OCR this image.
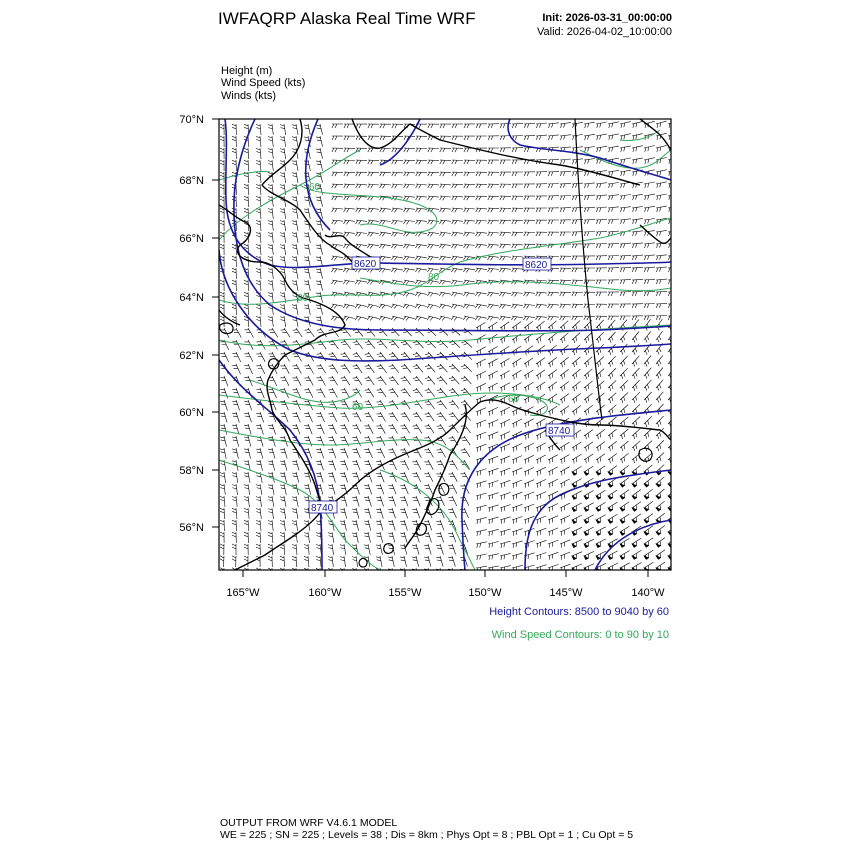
IWFAQRP Alaska Real Time WRF	Init: 2026-03-31_00:00:00
Valid: 2026-04-02_10:00:00
Height (m)
Wind Speed (kts)
Winds (kts)
70°N
68°N
66°N
64°N
62°N
60°N
58°N
56°N
165°W	160°W	155°W	150°W	145°W	140°W
8620	8620
8740
8740
60
80
80
60
60
Height Contours: 8500 to 9040 by 60
Wind Speed Contours: 0 to 90 by 10
OUTPUT FROM WRF V4.6.1 MODEL
WE = 225 ; SN = 225 ; Levels = 38 ; Dis = 8km ; Phys Opt = 8 ; PBL Opt = 1 ; Cu Opt = 5
